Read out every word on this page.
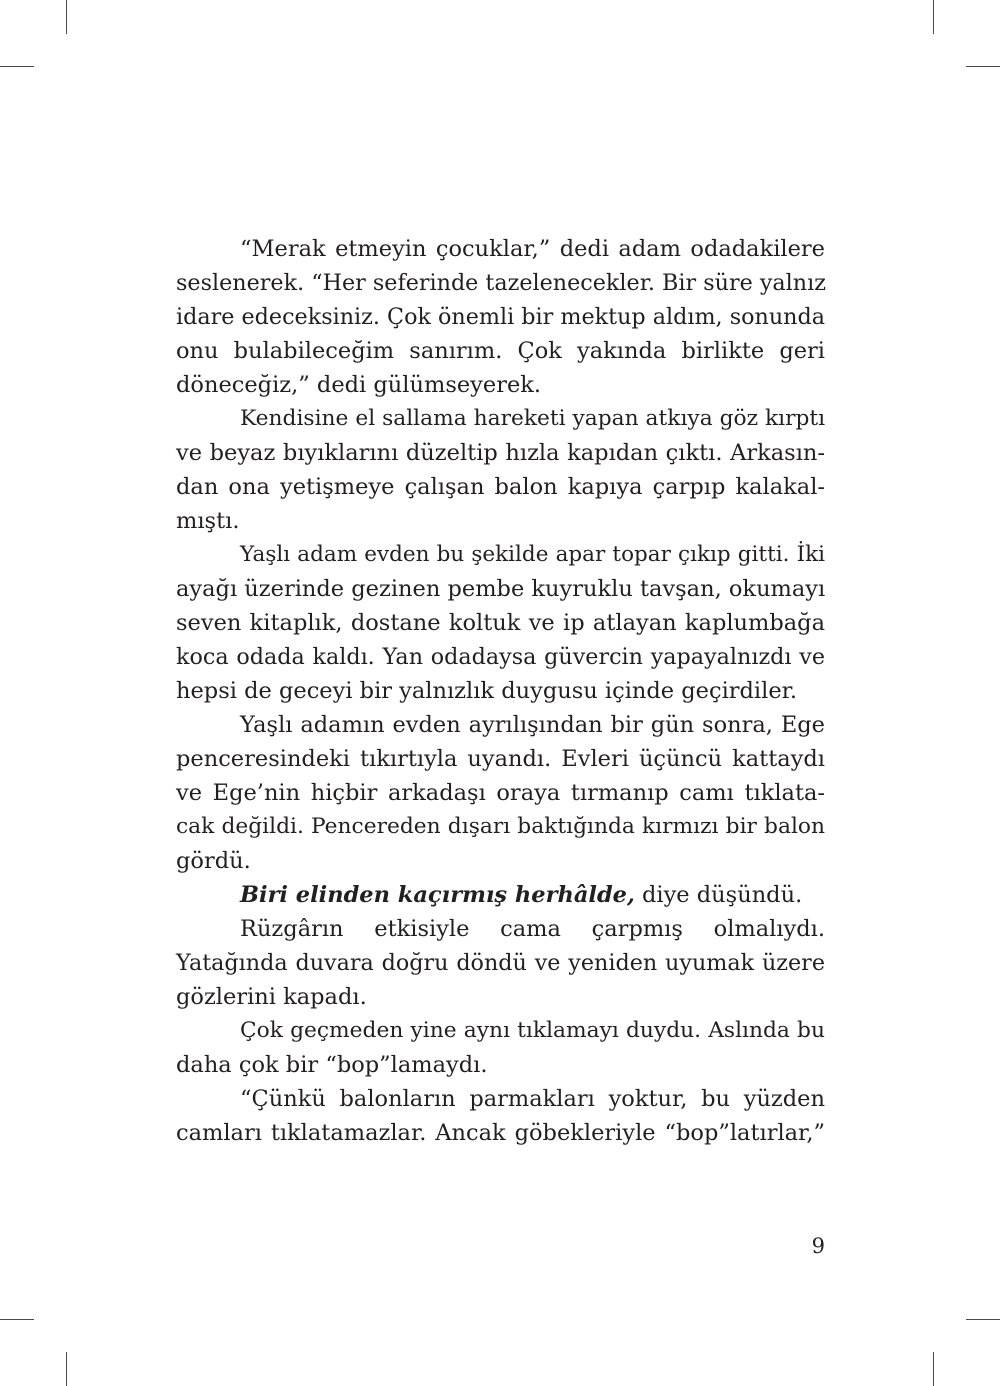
“Merak etmeyin çocuklar,” dedi adam odadakilere
seslenerek. “Her seferinde tazelenecekler. Bir süre yalnız
idare edeceksiniz. Çok önemli bir mektup aldım, sonunda
onu bulabileceğim sanırım. Çok yakında birlikte geri
döneceğiz,” dedi gülümseyerek.
Kendisine el sallama hareketi yapan atkıya göz kırptı
ve beyaz bıyıklarını düzeltip hızla kapıdan çıktı. Arkasın-
dan ona yetişmeye çalışan balon kapıya çarpıp kalakal-
mıştı.
Yaşlı adam evden bu şekilde apar topar çıkıp gitti. İki
ayağı üzerinde gezinen pembe kuyruklu tavşan, okumayı
seven kitaplık, dostane koltuk ve ip atlayan kaplumbağa
koca odada kaldı. Yan odadaysa güvercin yapayalnızdı ve
hepsi de geceyi bir yalnızlık duygusu içinde geçirdiler.
Yaşlı adamın evden ayrılışından bir gün sonra, Ege
penceresindeki tıkırtıyla uyandı. Evleri üçüncü kattaydı
ve Ege’nin hiçbir arkadaşı oraya tırmanıp camı tıklata-
cak değildi. Pencereden dışarı baktığında kırmızı bir balon
gördü.
Biri elinden kaçırmış herhâlde, diye düşündü.
Rüzgârın etkisiyle cama çarpmış olmalıydı.
Yatağında duvara doğru döndü ve yeniden uyumak üzere
gözlerini kapadı.
Çok geçmeden yine aynı tıklamayı duydu. Aslında bu
daha çok bir “bop”lamaydı.
“Çünkü balonların parmakları yoktur, bu yüzden
camları tıklatamazlar. Ancak göbekleriyle “bop”latırlar,”
9
